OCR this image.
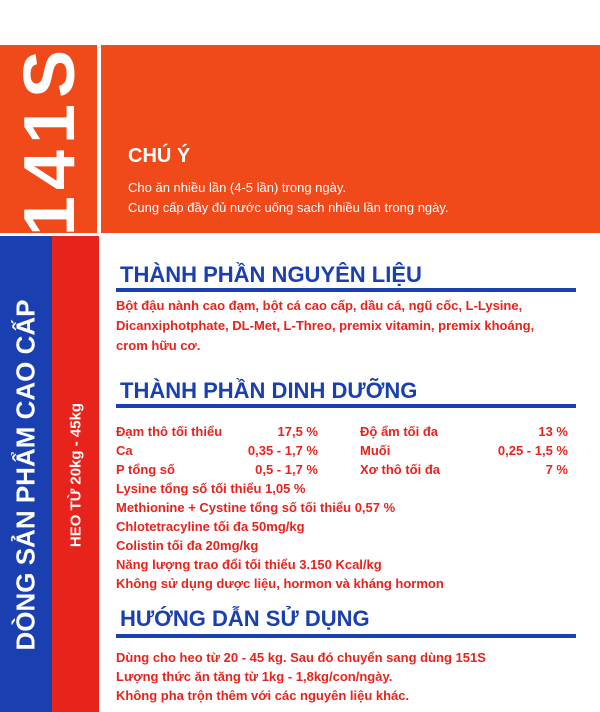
141S
DÒNG SẢN PHẨM CAO CẤP HEO TỪ 20kg - 45kg
CHÚ Ý
Cho ăn nhiều lần (4-5 lần) trong ngày.
Cung cấp đầy đủ nước uống sạch nhiều lần trong ngày.
THÀNH PHẦN NGUYÊN LIỆU
Bột đậu nành cao đạm, bột cá cao cấp, dầu cá, ngũ cốc, L-Lysine,
Dicanxiphotphate, DL-Met, L-Threo, premix vitamin, premix khoáng,
crom hữu cơ.
THÀNH PHẦN DINH DƯỠNG
Đạm thô tối thiểu	17,5 %	Độ ẩm tối đa	13 %
Ca	0,35 - 1,7 %	Muối	0,25 - 1,5 %
P tổng số	0,5 - 1,7 %	Xơ thô tối đa	7 %
Lysine tổng số tối thiểu 1,05 %
Methionine + Cystine tổng số tối thiểu 0,57 %
Chlotetracyline tối đa 50mg/kg
Colistin tối đa 20mg/kg
Năng lượng trao đổi tối thiểu 3.150 Kcal/kg
Không sử dụng dược liệu, hormon và kháng hormon
HƯỚNG DẪN SỬ DỤNG
Dùng cho heo từ 20 - 45 kg. Sau đó chuyển sang dùng 151S
Lượng thức ăn tăng từ 1kg - 1,8kg/con/ngày.
Không pha trộn thêm với các nguyên liệu khác.
